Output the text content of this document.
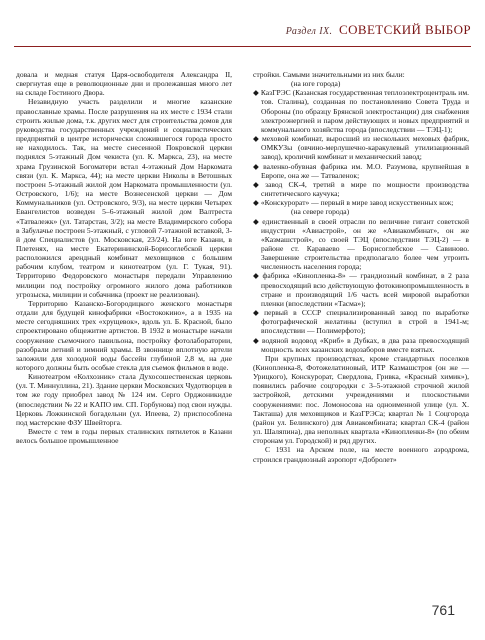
Раздел IX. СОВЕТСКИЙ ВЫБОР

довала и медная статуя Царя-освободителя Александра II, свергнутая еще в революционные дни и пролежавшая много лет на складе Гостиного Двора.

Незавидную участь разделили и многие казанские православные храмы. После разрушения на их месте с 1934 стали строить жилые дома, т.к. других мест для строительства домов для руководства государственных учреждений и социалистических предприятий в центре исторически сложившегося города просто не находилось. Так, на месте снесенной Покровской церкви поднялся 5-этажный Дом чекиста (ул. К. Маркса, 23), на месте храма Грузинской Богоматери встал 4-этажный Дом Наркомата связи (ул. К. Маркса, 44); на месте церкви Николы в Ветошных построен 5-этажный жилой дом Наркомата промышленности (ул. Островского, 1/6); на месте Вознесенской церкви — Дом Коммунальников (ул. Островского, 9/3), на месте церкви Четырех Евангелистов возведен 5–6-этажный жилой дом Валтреста «Татвалежк» (ул. Татарстан, 3/2); на месте Владимирского собора в Забулачье построен 5-этажный, с угловой 7-этажной вставкой, 3-й дом Специалистов (ул. Московская, 23/24). На юге Казани, в Плетенях, на месте Екатерининской-Борисоглебской церкви расположился арендный комбинат меховщиков с большим рабочим клубом, театром и кинотеатром (ул. Г. Тукая, 91). Территорию Федоровского монастыря передали Управлению милиции под постройку огромного жилого дома работников угрозыска, милиции и собачника (проект не реализован).

Территорию Казанско-Богородицкого женского монастыря отдали для будущей кинофабрики «Востококино», а в 1935 на месте сегодняшних трех «хрущевок», вдоль ул. Б. Красной, было спроектировано общежитие артистов. В 1932 в монастыре начали сооружение съемочного павильона, постройку фотолаборатории, разобрали летний и зимний храмы. В звоннице вплотную артели заложили для холодной воды бассейн глубиной 2,8 м, на дне которого должны быть особые стекла для съемок фильмов в воде.

Кинотеатром «Колхозник» стала Духосошественская церковь (ул. Т. Миннуллина, 21). Здание церкви Московских Чудотворцев в том же году приобрел завод № 124 им. Серго Орджоникидзе (впоследствии № 22 и КАПО им. СП. Горбунова) под свои нужды. Церковь Ложкинской богадельни (ул. Ипеева, 2) приспособлена под мастерские ФЗУ Швейторга.

Вместе с тем в годы первых сталинских пятилеток в Казани велось большое промышленное

стройки. Самыми значительными из них были:

(на юге города)

◆ КазГРЭС (Казанская государственная теплоэлектроцентраль им. тов. Сталина), созданная по постановлению Совета Труда и Обороны (по образцу Брянской электростанции) для снабжения электроэнергией и паром действующих и новых предприятий и коммунального хозяйства города (впоследствии — ТЭЦ-1);

◆ меховой комбинат, выросший из нескольких меховых фабрик, ОМКУЗы (овчино-мерлушечно-каракулевый утилизационный завод), кроличий комбинат и механический завод;

◆ валенко-обувная фабрика им. М.О. Разумова, крупнейшая в Европе, она же — Татваленок;

◆ завод СК-4, третий в мире по мощности производства синтетического каучука;

◆ «Конскурорат» — первый в мире завод искусственных кож;

(на севере города)

◆ единственный в своей отрасли по величине гигант советской индустрии «Авиастрой», он же «Авиакомбинат», он же «Казмашстрой», со своей ТЭЦ (впоследствии ТЭЦ-2) — в районе ст. Караваево — Борисоглебское — Савиново. Завершение строительства предполагало более чем утроить численность населения города;

◆ фабрика «Кинопленка-8» — грандиозный комбинат, в 2 раза превосходящий всю действующую фотокинопромышленность в стране и производящий 1/6 часть всей мировой выработки пленки (впоследствии «Тасма»);

◆ первый в СССР специализированный завод по выработке фотографической желатины (вступил в строй в 1941-м; впоследствии — Полимерфото);

◆ водяной водовод «Криб» в Дубках, в два раза превосходящий мощность всех казанских водозаборов вместе взятых.

При крупных производствах, кроме стандартных поселков (Кинопленка-8, Фотожелатиновый, ИТР Казмашстроя (он же — Урицкого), Конскурорат, Свердлова, Гривка, «Красный химик»), появились рабочие соцгородки с 3–5-этажной строчной жилой застройкой, детскими учреждениями и плоскостными сооружениями: пос. Ломоносова на одноименной улице (ул. Х. Такташа) для меховщиков и КазГРЭСа; квартал № 1 Соцгорода (район ул. Белинского) для Авиакомбината; квартал СК-4 (район ул. Шаляпина), два неполных квартала «Кинопленки-8» (по обеим сторонам ул. Городской) и ряд других.

С 1931 на Арском поле, на месте военного аэродрома, строился грандиозный аэропорт «Добролет»

761
